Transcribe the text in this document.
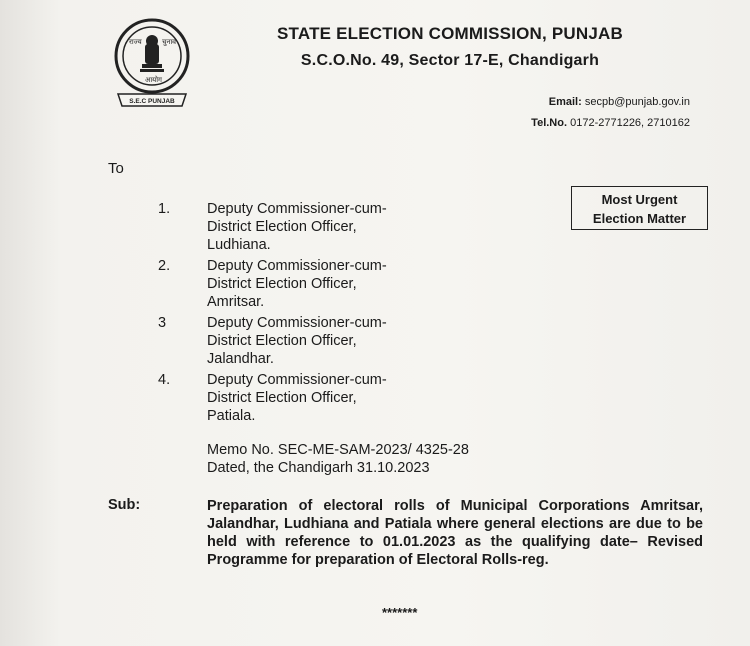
राज्य	चुनाव
आयोग
S.E.C PUNJAB
STATE ELECTION COMMISSION, PUNJAB
S.C.O.No. 49, Sector 17-E, Chandigarh
Email: secpb@punjab.gov.in
Tel.No. 0172-2771226, 2710162
To
Most Urgent
Election Matter
1.	Deputy Commissioner-cum-
District Election Officer,
Ludhiana.
2.	Deputy Commissioner-cum-
District Election Officer,
Amritsar.
3	Deputy Commissioner-cum-
District Election Officer,
Jalandhar.
4.	Deputy Commissioner-cum-
District Election Officer,
Patiala.
Memo No. SEC-ME-SAM-2023/ 4325-28
Dated, the Chandigarh 31.10.2023
Sub:	Preparation of electoral rolls of Municipal Corporations Amritsar, Jalandhar, Ludhiana and Patiala where general elections are due to be held with reference to 01.01.2023 as the qualifying date– Revised Programme for preparation of Electoral Rolls-reg.
*******
